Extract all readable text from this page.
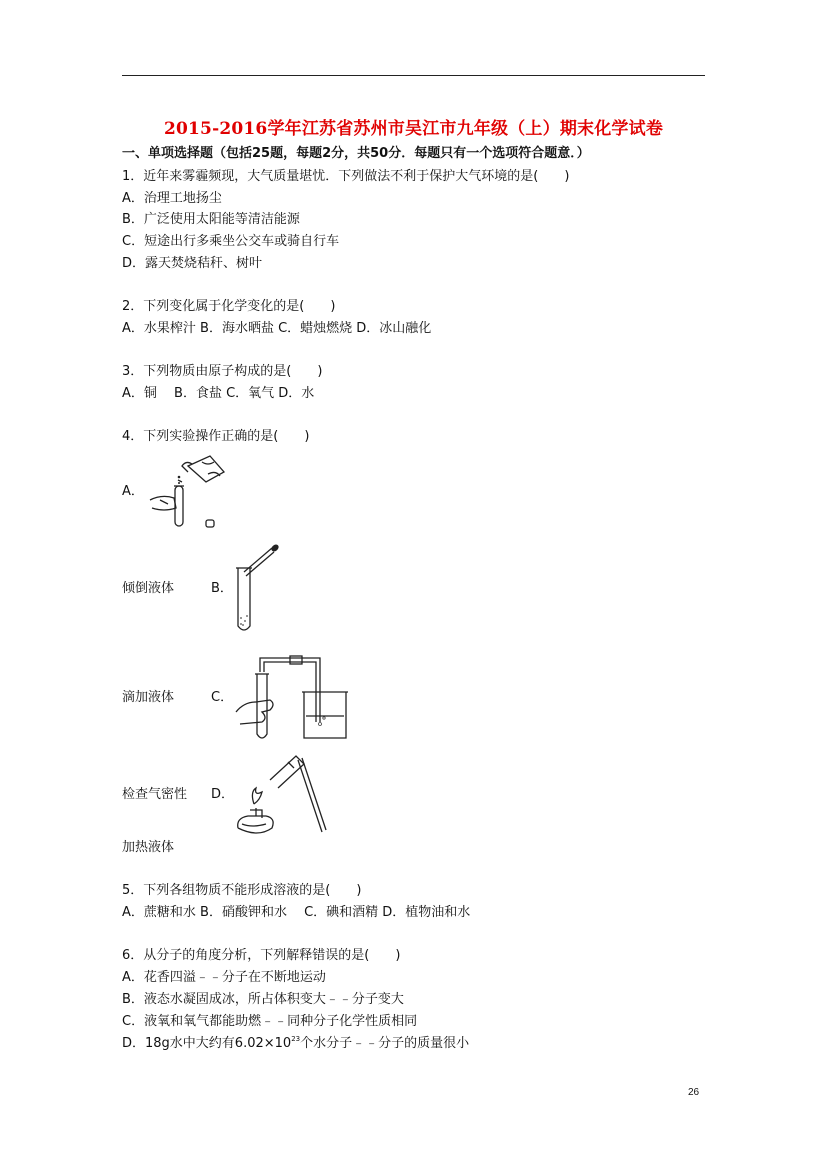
2015-2016学年江苏省苏州市吴江市九年级（上）期末化学试卷
一、单项选择题（包括25题，每题2分，共50分．每题只有一个选项符合题意．）
1．近年来雾霾频现，大气质量堪忧．下列做法不利于保护大气环境的是(　　)
A．治理工地扬尘
B．广泛使用太阳能等清洁能源
C．短途出行多乘坐公交车或骑自行车
D．露天焚烧秸秆、树叶
2．下列变化属于化学变化的是(　　)
A．水果榨汁 B．海水晒盐 C．蜡烛燃烧 D．冰山融化
3．下列物质由原子构成的是(　　)
A．铜　 B．食盐 C．氧气 D．水
4．下列实验操作正确的是(　　)
A．
倾倒液体	B．
滴加液体	C．
检查气密性 D．
加热液体
5．下列各组物质不能形成溶液的是(　　)
A．蔗糖和水 B．硝酸钾和水　 C．碘和酒精 D．植物油和水
6．从分子的角度分析，下列解释错误的是(　　)
A．花香四溢﹣﹣分子在不断地运动
B．液态水凝固成冰，所占体积变大﹣﹣分子变大
C．液氧和氧气都能助燃﹣﹣同种分子化学性质相同
D．18g水中大约有$6.02\times 10^{23}$个水分子﹣﹣分子的质量很小
26
